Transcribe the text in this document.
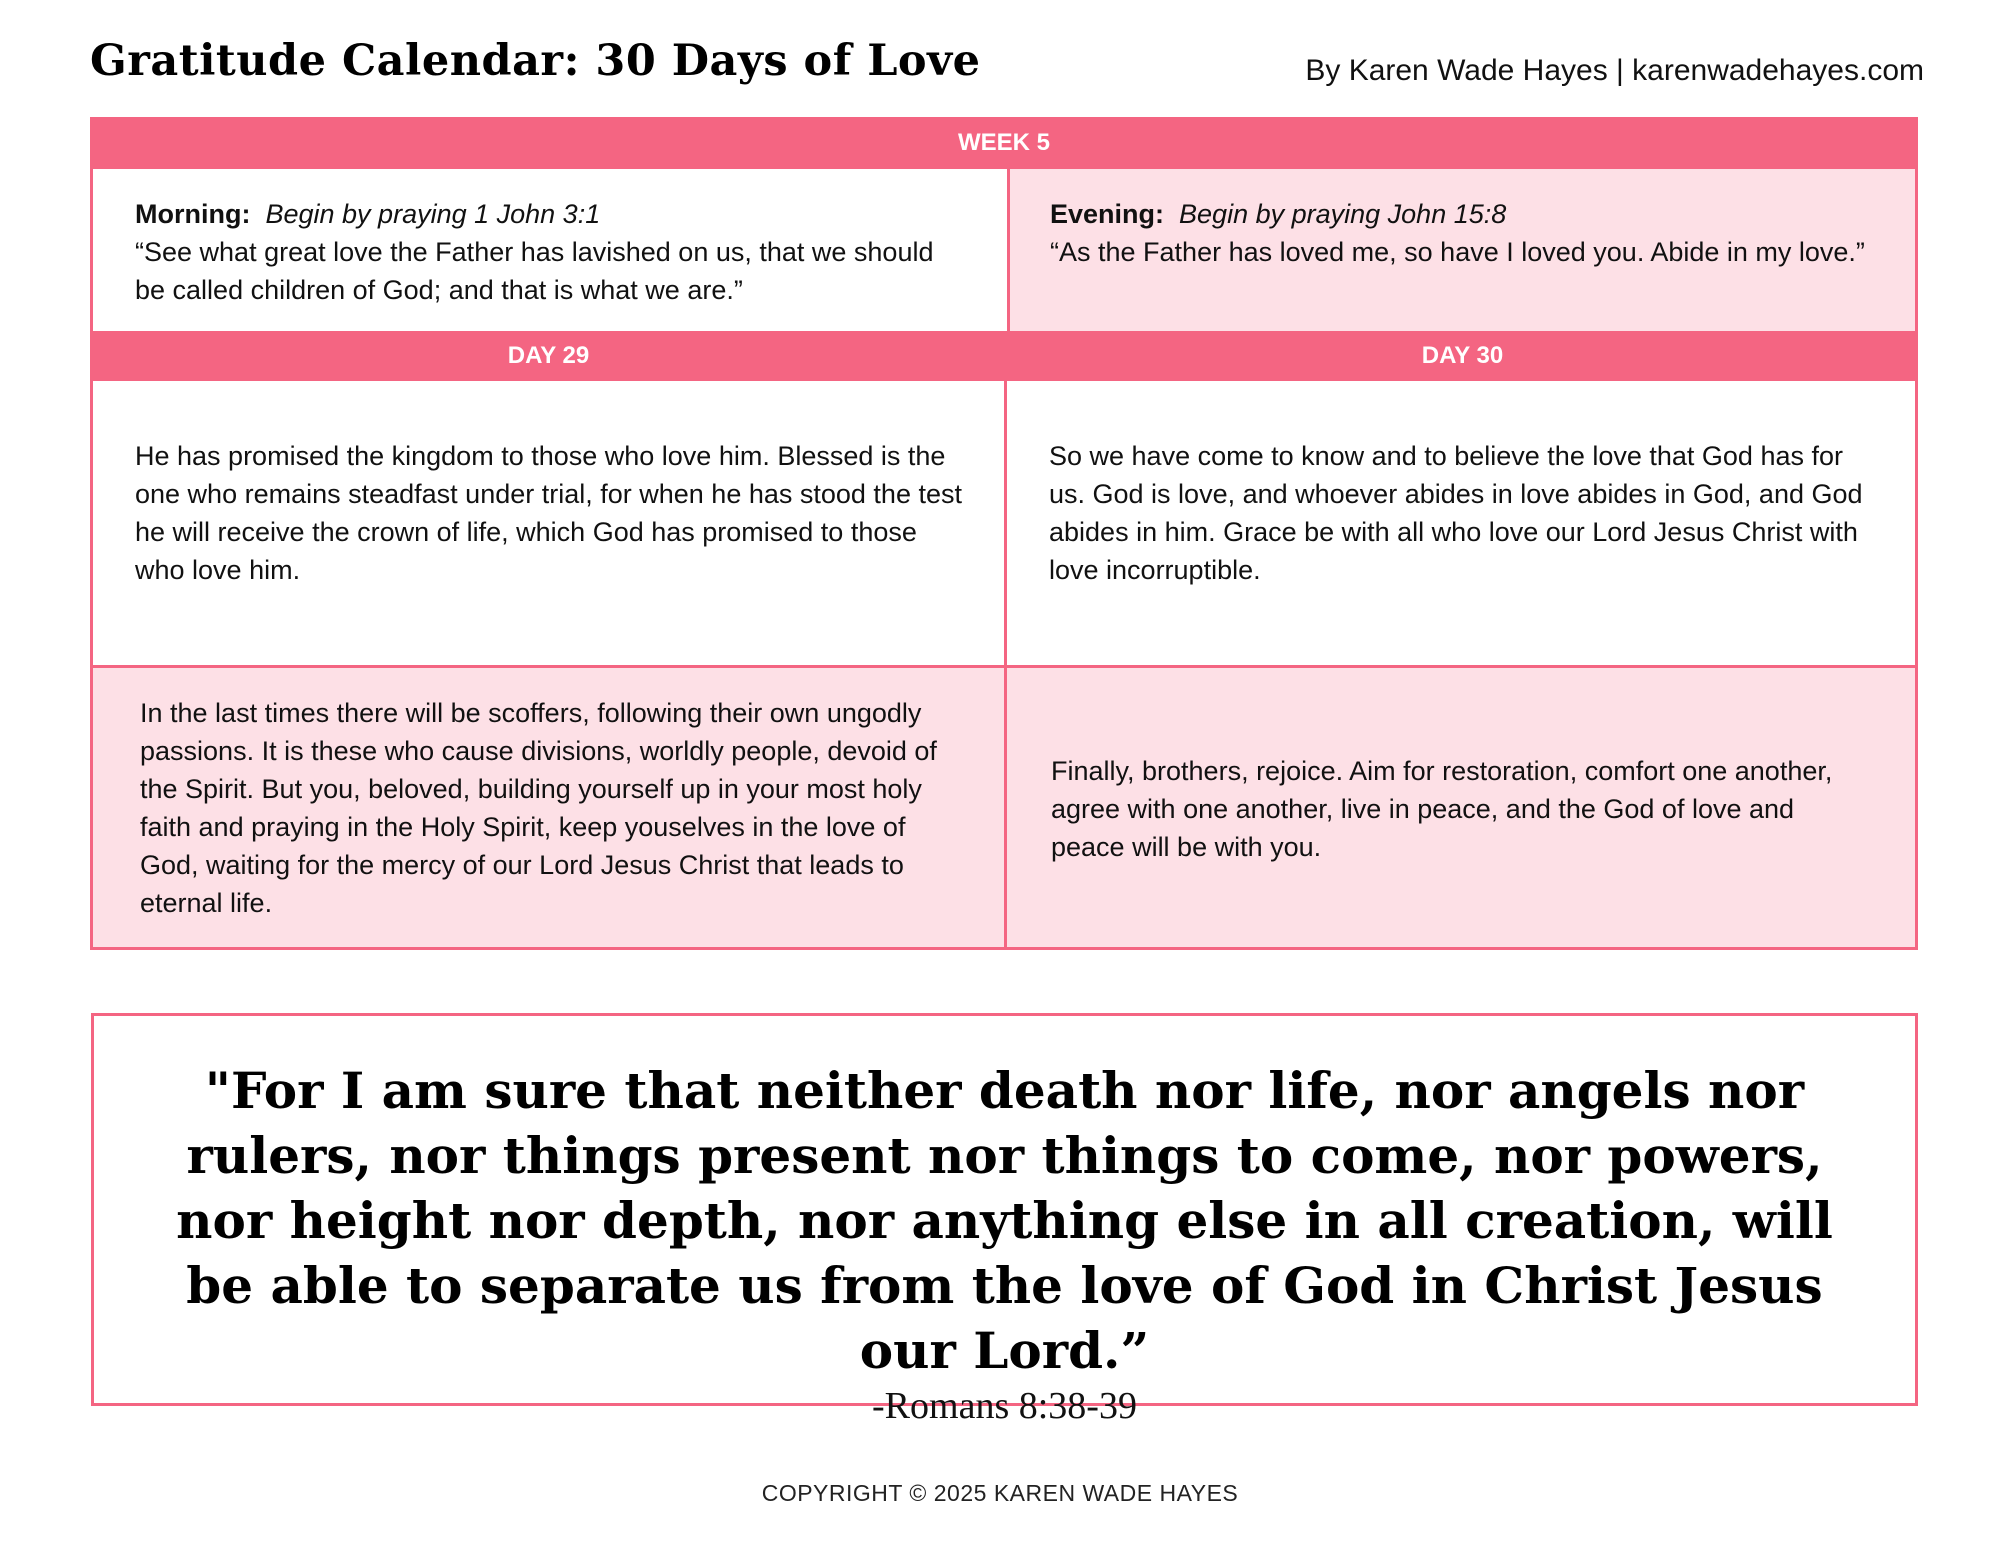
Gratitude Calendar: 30 Days of Love	By Karen Wade Hayes | karenwadehayes.com
WEEK 5
Morning: Begin by praying 1 John 3:1
“See what great love the Father has lavished on us, that we should be called children of God; and that is what we are.”
Evening: Begin by praying John 15:8
“As the Father has loved me, so have I loved you. Abide in my love.”
DAY 29	DAY 30
He has promised the kingdom to those who love him. Blessed is the one who remains steadfast under trial, for when he has stood the test he will receive the crown of life, which God has promised to those who love him.
So we have come to know and to believe the love that God has for us. God is love, and whoever abides in love abides in God, and God abides in him. Grace be with all who love our Lord Jesus Christ with love incorruptible.
In the last times there will be scoffers, following their own ungodly passions. It is these who cause divisions, worldly people, devoid of the Spirit. But you, beloved, building yourself up in your most holy faith and praying in the Holy Spirit, keep youselves in the love of God, waiting for the mercy of our Lord Jesus Christ that leads to eternal life.
Finally, brothers, rejoice. Aim for restoration, comfort one another, agree with one another, live in peace, and the God of love and peace will be with you.
"For I am sure that neither death nor life, nor angels nor rulers, nor things present nor things to come, nor powers, nor height nor depth, nor anything else in all creation, will be able to separate us from the love of God in Christ Jesus our Lord.”
-Romans 8:38-39
COPYRIGHT © 2025 KAREN WADE HAYES
